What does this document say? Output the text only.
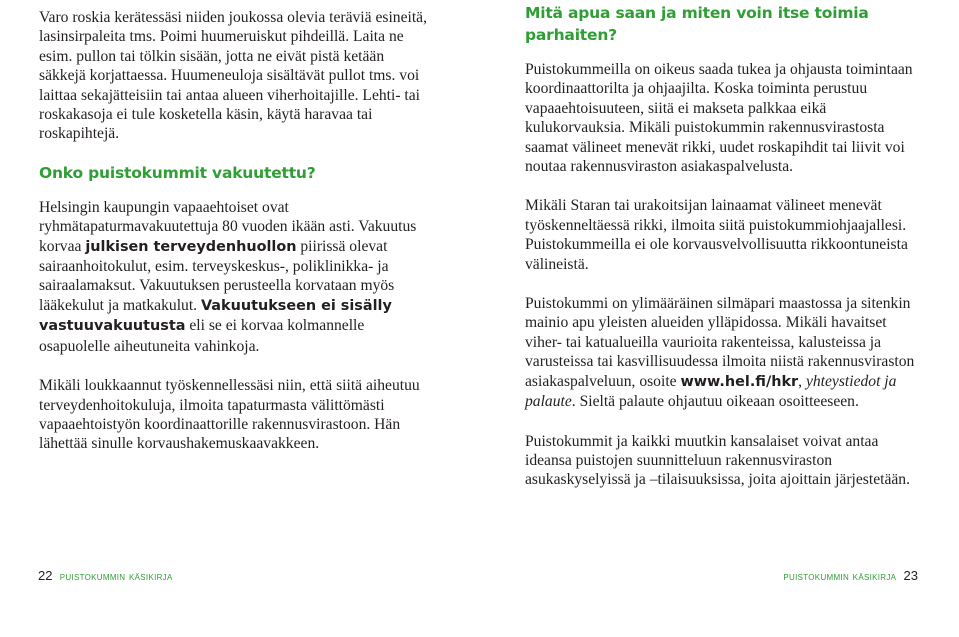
Varo roskia kerätessäsi niiden joukossa olevia teräviä esineitä, lasinsirpaleita tms. Poimi huumeruiskut pihdeillä. Laita ne esim. pullon tai tölkin sisään, jotta ne eivät pistä ketään säkkejä korjattaessa. Huumeneuloja sisältävät pullot tms. voi laittaa sekajätteisiin tai antaa alueen viherhoitajille. Lehti- tai roskakasoja ei tule kosketella käsin, käytä haravaa tai roskapihtejä.

Onko puistokummit vakuutettu?

Helsingin kaupungin vapaaehtoiset ovat ryhmätapaturmavakuutettuja 80 vuoden ikään asti. Vakuutus korvaa julkisen terveydenhuollon piirissä olevat sairaanhoitokulut, esim. terveyskeskus-, poliklinikka- ja sairaalamaksut. Vakuutuksen perusteella korvataan myös lääkekulut ja matkakulut. Vakuutukseen ei sisälly vastuuvakuutusta eli se ei korvaa kolmannelle osapuolelle aiheutuneita vahinkoja.

Mikäli loukkaannut työskennellessäsi niin, että siitä aiheutuu terveydenhoitokuluja, ilmoita tapaturmasta välittömästi vapaaehtoistyön koordinaattorille rakennusvirastoon. Hän lähettää sinulle korvaushakemuskaavakkeen.

22 puistokummin käsikirja
Mitä apua saan ja miten voin itse toimia parhaiten?

Puistokummeilla on oikeus saada tukea ja ohjausta toimintaan koordinaattorilta ja ohjaajilta. Koska toiminta perustuu vapaaehtoisuuteen, siitä ei makseta palkkaa eikä kulukorvauksia. Mikäli puistokummin rakennusvirastosta saamat välineet menevät rikki, uudet roskapihdit tai liivit voi noutaa rakennusviraston asiakaspalvelusta.

Mikäli Staran tai urakoitsijan lainaamat välineet menevät työskenneltäessä rikki, ilmoita siitä puistokummiohjaajallesi. Puistokummeilla ei ole korvausvelvollisuutta rikkoontuneista välineistä.

Puistokummi on ylimääräinen silmäpari maastossa ja sitenkin mainio apu yleisten alueiden ylläpidossa. Mikäli havaitset viher- tai katualueilla vaurioita rakenteissa, kalusteissa ja varusteissa tai kasvillisuudessa ilmoita niistä rakennusviraston asiakaspalveluun, osoite www.hel.fi/hkr, yhteystiedot ja palaute. Sieltä palaute ohjautuu oikeaan osoitteeseen.

Puistokummit ja kaikki muutkin kansalaiset voivat antaa ideansa puistojen suunnitteluun rakennusviraston asukaskyselyissä ja –tilaisuuksissa, joita ajoittain järjestetään.

puistokummin käsikirja 23
